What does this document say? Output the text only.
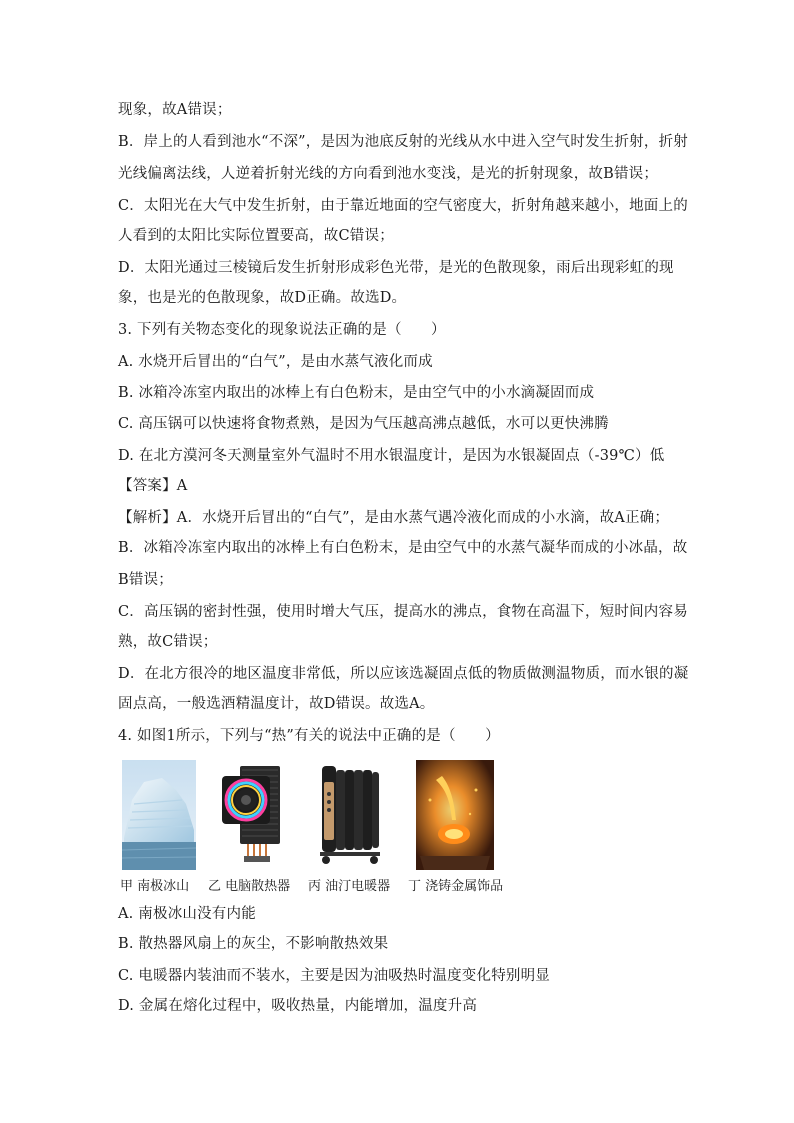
现象，故A错误；
B．岸上的人看到池水“不深”，是因为池底反射的光线从水中进入空气时发生折射，折射
光线偏离法线，人逆着折射光线的方向看到池水变浅，是光的折射现象，故B错误；
C．太阳光在大气中发生折射，由于靠近地面的空气密度大，折射角越来越小，地面上的
人看到的太阳比实际位置要高，故C错误；
D．太阳光通过三棱镜后发生折射形成彩色光带，是光的色散现象，雨后出现彩虹的现
象，也是光的色散现象，故D正确。故选D。
3. 下列有关物态变化的现象说法正确的是（　　）
A. 水烧开后冒出的“白气”，是由水蒸气液化而成
B. 冰箱冷冻室内取出的冰棒上有白色粉末，是由空气中的小水滴凝固而成
C. 高压锅可以快速将食物煮熟，是因为气压越高沸点越低，水可以更快沸腾
D. 在北方漠河冬天测量室外气温时不用水银温度计，是因为水银凝固点（-39℃）低
【答案】A
【解析】A．水烧开后冒出的“白气”，是由水蒸气遇冷液化而成的小水滴，故A正确；
B．冰箱冷冻室内取出的冰棒上有白色粉末，是由空气中的水蒸气凝华而成的小冰晶，故
B错误；
C．高压锅的密封性强，使用时增大气压，提高水的沸点，食物在高温下，短时间内容易
熟，故C错误；
D．在北方很冷的地区温度非常低，所以应该选凝固点低的物质做测温物质，而水银的凝
固点高，一般选酒精温度计，故D错误。故选A。
4. 如图1所示，下列与“热”有关的说法中正确的是（　　）
甲 南极冰山 乙 电脑散热器 丙 油汀电暖器 丁 浇铸金属饰品
A. 南极冰山没有内能
B. 散热器风扇上的灰尘，不影响散热效果
C. 电暖器内装油而不装水，主要是因为油吸热时温度变化特别明显
D. 金属在熔化过程中，吸收热量，内能增加，温度升高
